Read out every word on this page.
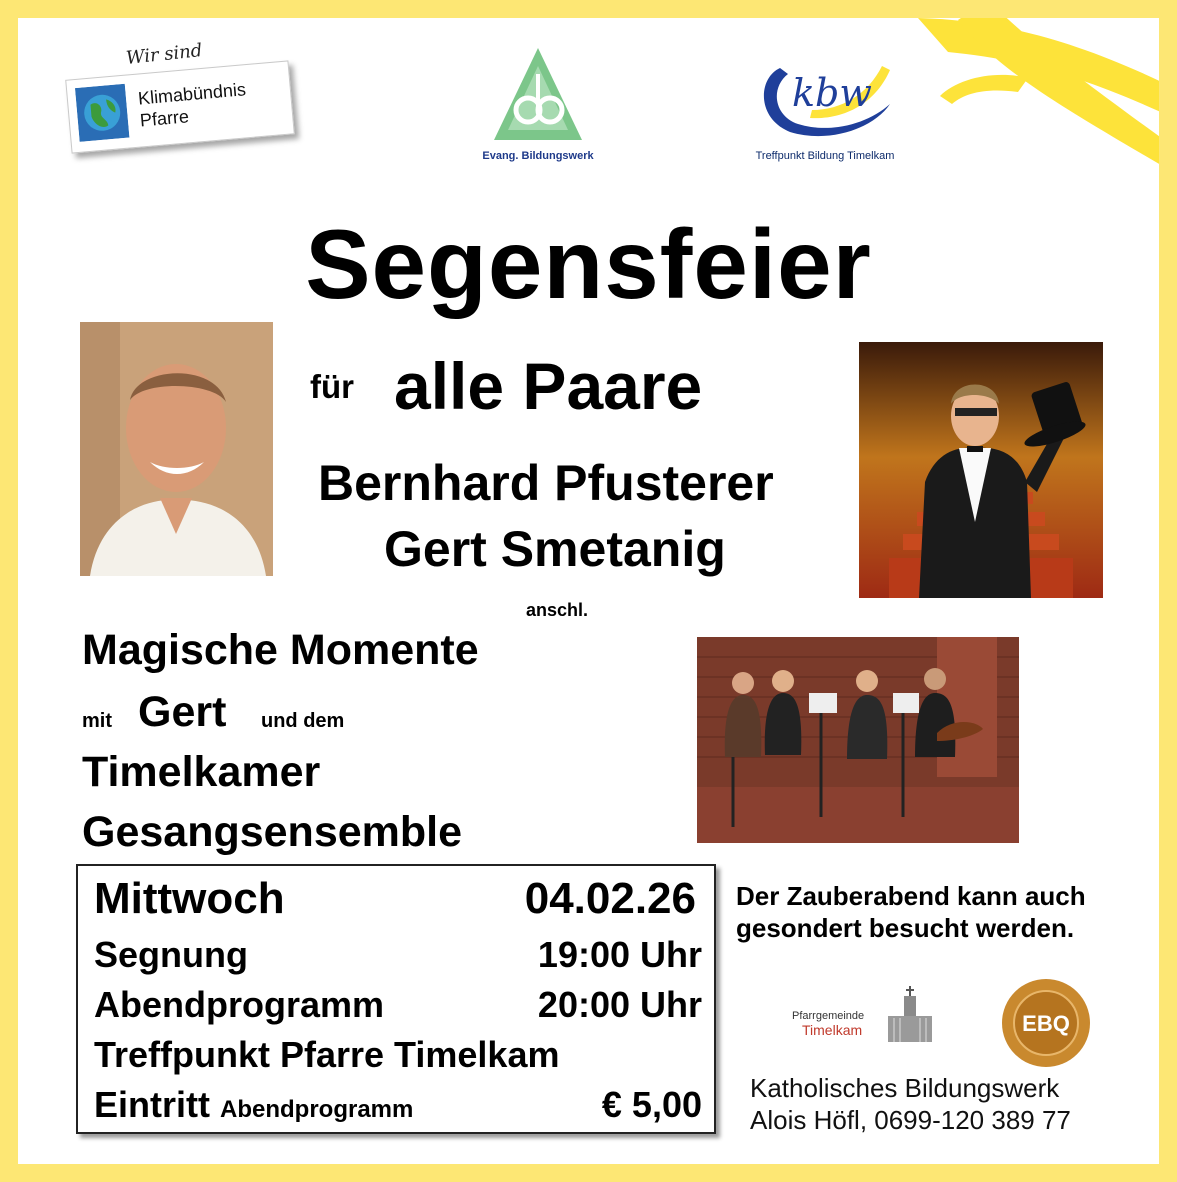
Klimabündnis
Pfarre
Wir sind
Evang. Bildungswerk
kbw
Treffpunkt Bildung Timelkam
Segensfeier
für alle Paare
Bernhard Pfusterer
Gert Smetanig
anschl.
Magische Momente
mit Gert und dem
Timelkamer
Gesangsensemble
Mittwoch	04.02.26
Segnung	19:00 Uhr
Abendprogramm	20:00 Uhr
Treffpunkt Pfarre Timelkam
Eintritt Abendprogramm	€ 5,00
Der Zauberabend kann auch gesondert besucht werden.
Pfarrgemeinde
Timelkam	EBQ
Katholisches Bildungswerk
Alois Höfl, 0699-120 389 77
